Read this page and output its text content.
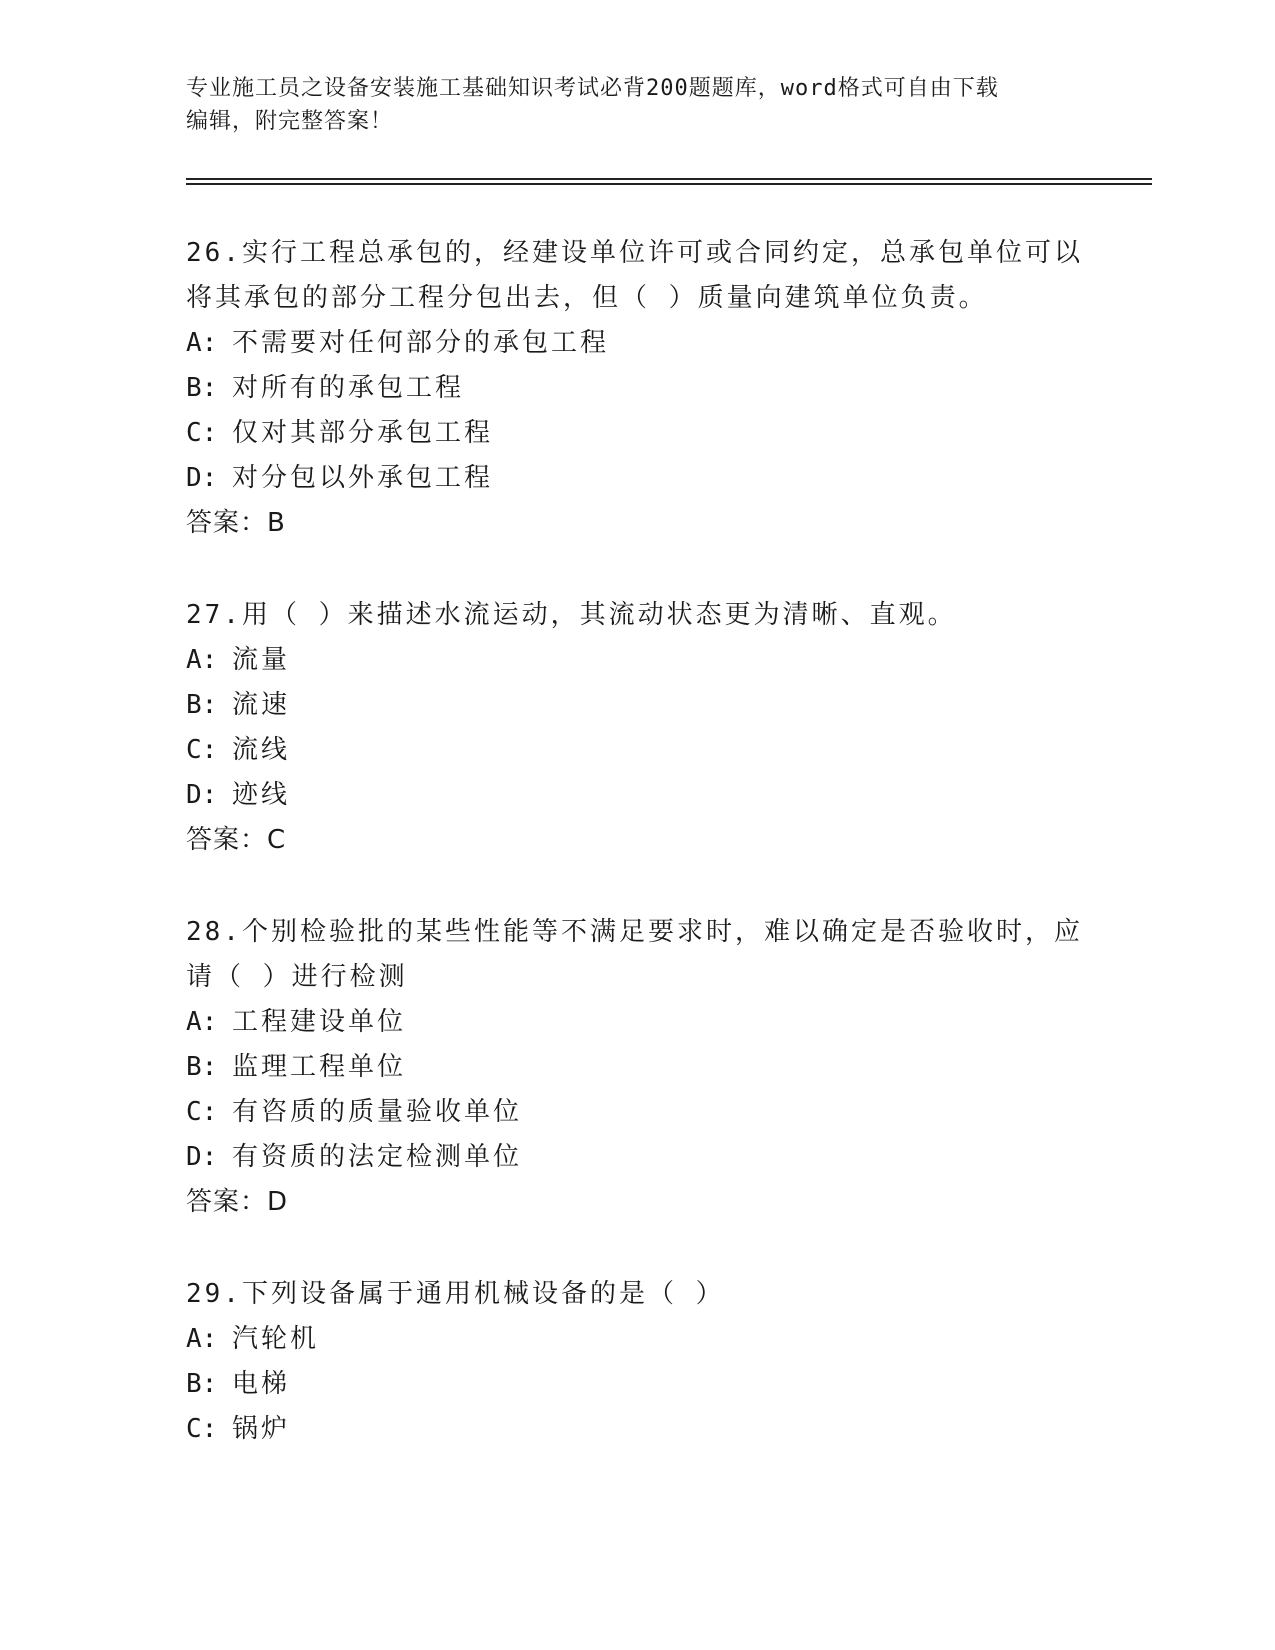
专业施工员之设备安装施工基础知识考试必背200题题库，word格式可自由下载
编辑，附完整答案！
26.实行工程总承包的，经建设单位许可或合同约定，总承包单位可以
将其承包的部分工程分包出去，但（ ）质量向建筑单位负责。
A: 不需要对任何部分的承包工程
B: 对所有的承包工程
C: 仅对其部分承包工程
D: 对分包以外承包工程
答案：B
27.用（ ）来描述水流运动，其流动状态更为清晰、直观。
A: 流量
B: 流速
C: 流线
D: 迹线
答案：C
28.个别检验批的某些性能等不满足要求时，难以确定是否验收时，应
请（ ）进行检测
A: 工程建设单位
B: 监理工程单位
C: 有咨质的质量验收单位
D: 有资质的法定检测单位
答案：D
29.下列设备属于通用机械设备的是（ ）
A: 汽轮机
B: 电梯
C: 锅炉
